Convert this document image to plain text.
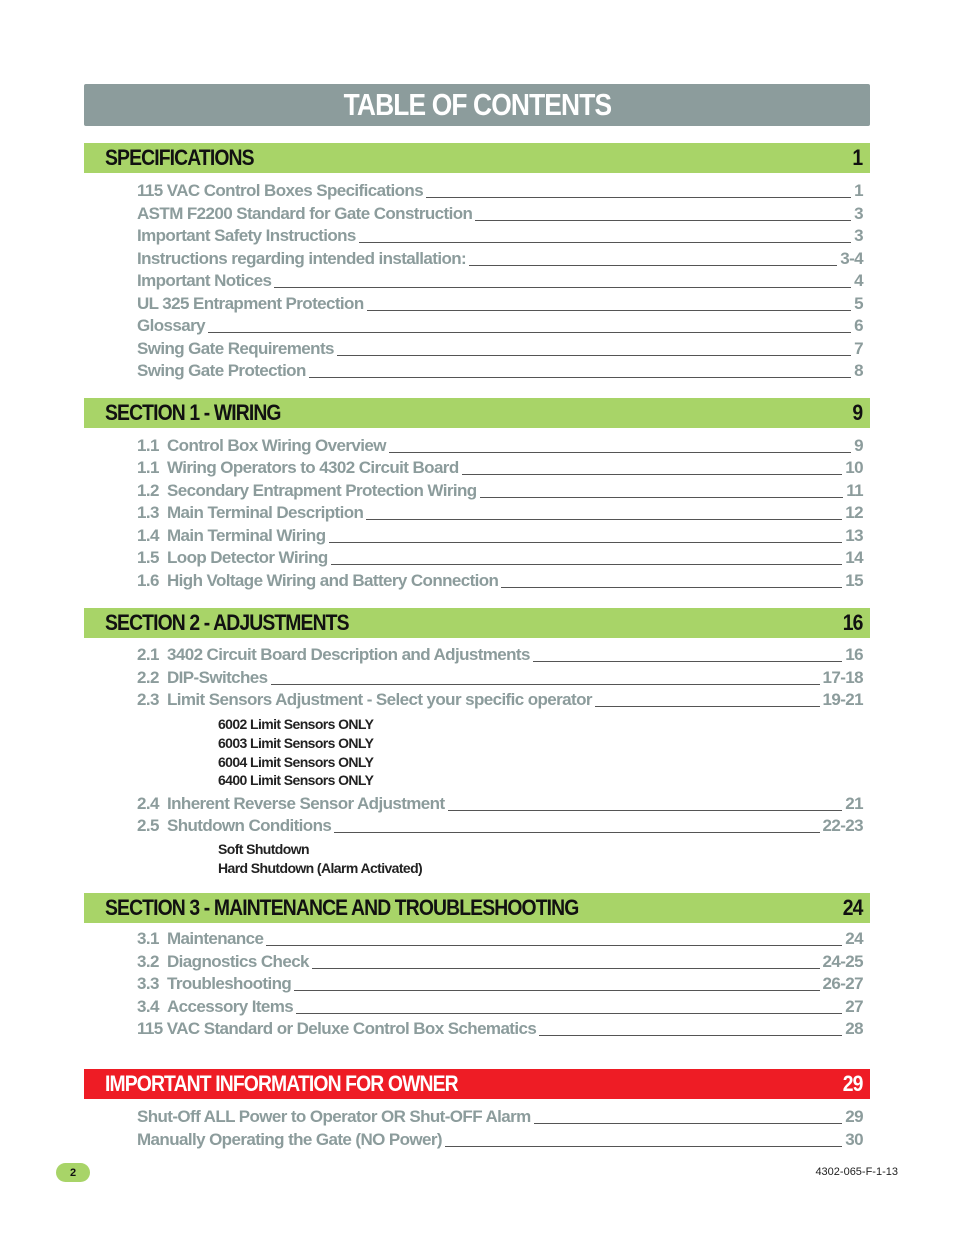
TABLE OF CONTENTS
SPECIFICATIONS	1
115 VAC Control Boxes Specifications	1
ASTM F2200 Standard for Gate Construction	3
Important Safety Instructions	3
Instructions regarding intended installation:	3-4
Important Notices	4
UL 325 Entrapment Protection	5
Glossary	6
Swing Gate Requirements	7
Swing Gate Protection	8
SECTION 1 - WIRING	9
1.1 Control Box Wiring Overview	9
1.1 Wiring Operators to 4302 Circuit Board	10
1.2 Secondary Entrapment Protection Wiring	11
1.3 Main Terminal Description	12
1.4 Main Terminal Wiring	13
1.5 Loop Detector Wiring	14
1.6 High Voltage Wiring and Battery Connection	15
SECTION 2 - ADJUSTMENTS	16
2.1 3402 Circuit Board Description and Adjustments	16
2.2 DIP-Switches	17-18
2.3 Limit Sensors Adjustment - Select your specific operator	19-21
6002 Limit Sensors ONLY
6003 Limit Sensors ONLY
6004 Limit Sensors ONLY
6400 Limit Sensors ONLY
2.4 Inherent Reverse Sensor Adjustment	21
2.5 Shutdown Conditions	22-23
Soft Shutdown
Hard Shutdown (Alarm Activated)
SECTION 3 - MAINTENANCE AND TROUBLESHOOTING	24
3.1 Maintenance	24
3.2 Diagnostics Check	24-25
3.3 Troubleshooting	26-27
3.4 Accessory Items	27
115 VAC Standard or Deluxe Control Box Schematics	28
IMPORTANT INFORMATION FOR OWNER	29
Shut-Off ALL Power to Operator OR Shut-OFF Alarm	29
Manually Operating the Gate (NO Power)	30
2	4302-065-F-1-13
